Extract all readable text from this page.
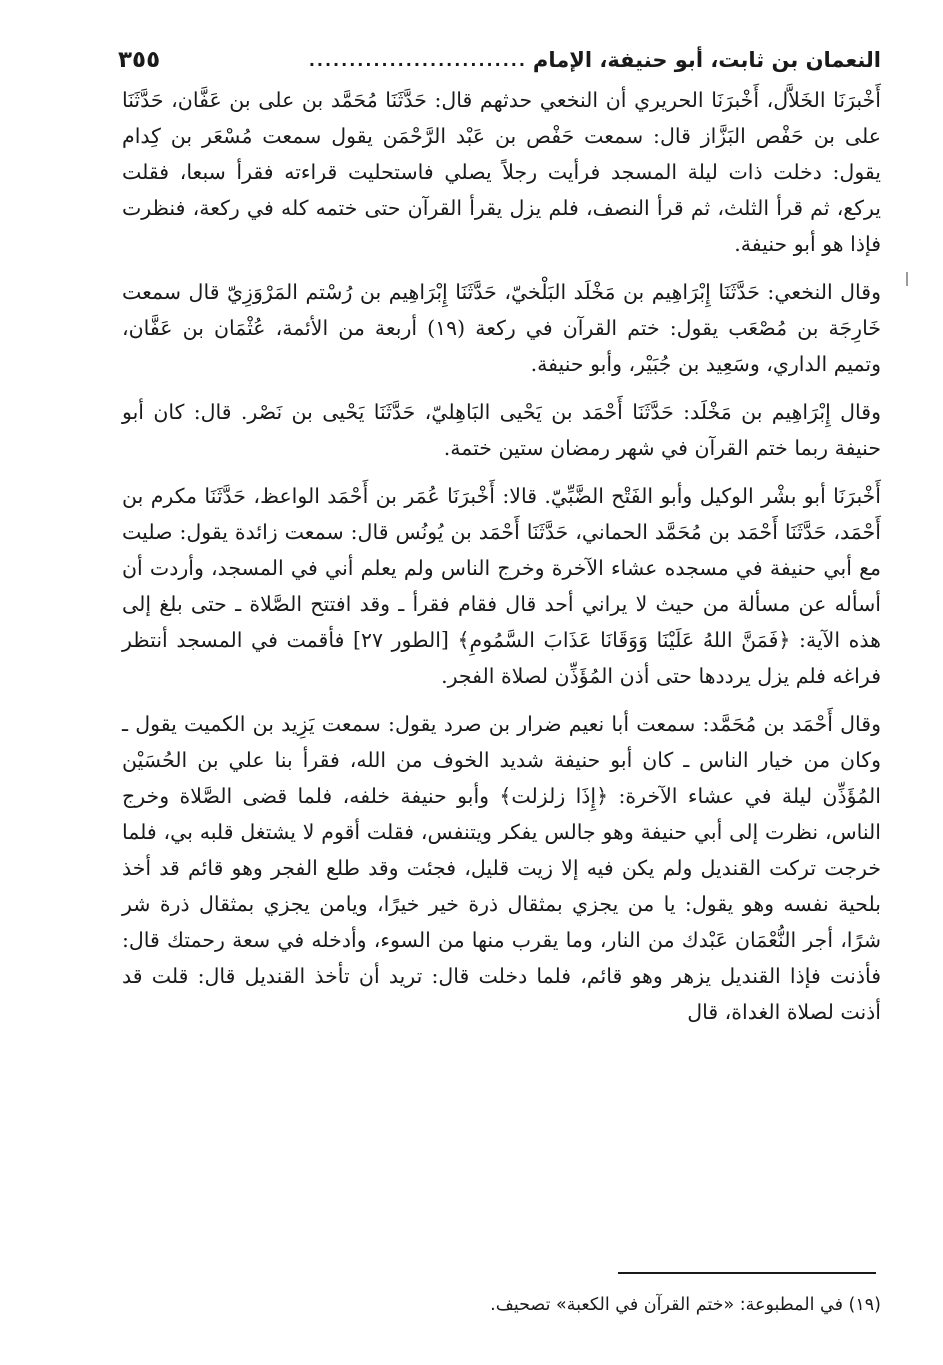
النعمان بن ثابت، أبو حنيفة، الإمام
...........................
٣٥٥

أَخْبرَنَا الخَلاَّل، أَخْبرَنَا الحريري أن النخعي حدثهم قال: حَدَّثَنَا مُحَمَّد بن على بن عَفَّان، حَدَّثَنَا على بن حَفْص البَزَّاز قال: سمعت حَفْص بن عَبْد الرَّحْمَن يقول سمعت مُسْعَر بن كِدام يقول: دخلت ذات ليلة المسجد فرأيت رجلاً يصلي فاستحليت قراءته فقرأ سبعا، فقلت يركع، ثم قرأ الثلث، ثم قرأ النصف، فلم يزل يقرأ القرآن حتى ختمه كله في ركعة، فنظرت فإذا هو أبو حنيفة.

وقال النخعي: حَدَّثَنَا إِبْرَاهِيم بن مَخْلَد البَلْخيّ، حَدَّثَنَا إِبْرَاهِيم بن رُسْتم المَرْوَزِيّ قال سمعت خَارِجَة بن مُصْعَب يقول: ختم القرآن في ركعة (١٩) أربعة من الأئمة، عُثْمَان بن عَفَّان، وتميم الداري، وسَعِيد بن جُبَيْر، وأبو حنيفة.

وقال إِبْرَاهِيم بن مَخْلَد: حَدَّثَنَا أَحْمَد بن يَحْيى البَاهِليّ، حَدَّثَنَا يَحْيى بن نَصْر. قال: كان أبو حنيفة ربما ختم القرآن في شهر رمضان ستين ختمة.

أَخْبرَنَا أبو بشْر الوكيل وأبو الفَتْح الضَّبِّيّ. قالا: أَخْبرَنَا عُمَر بن أَحْمَد الواعظ، حَدَّثَنَا مكرم بن أَحْمَد، حَدَّثَنَا أَحْمَد بن مُحَمَّد الحماني، حَدَّثَنَا أَحْمَد بن يُونُس قال: سمعت زائدة يقول: صليت مع أبي حنيفة في مسجده عشاء الآخرة وخرج الناس ولم يعلم أني في المسجد، وأردت أن أسأله عن مسألة من حيث لا يراني أحد قال فقام فقرأ ـ وقد افتتح الصَّلاة ـ حتى بلغ إلى هذه الآية: ﴿فَمَنَّ اللهُ عَلَيْنَا وَوَقَانَا عَذَابَ السَّمُومِ﴾ [الطور ٢٧] فأقمت في المسجد أنتظر فراغه فلم يزل يرددها حتى أذن المُؤَذِّن لصلاة الفجر.

وقال أَحْمَد بن مُحَمَّد: سمعت أبا نعيم ضرار بن صرد يقول: سمعت يَزِيد بن الكميت يقول ـ وكان من خيار الناس ـ كان أبو حنيفة شديد الخوف من الله، فقرأ بنا علي بن الحُسَيْن المُؤَذِّن ليلة في عشاء الآخرة: ﴿إِذَا زلزلت﴾ وأبو حنيفة خلفه، فلما قضى الصَّلاة وخرج الناس، نظرت إلى أبي حنيفة وهو جالس يفكر ويتنفس، فقلت أقوم لا يشتغل قلبه بي، فلما خرجت تركت القنديل ولم يكن فيه إلا زيت قليل، فجئت وقد طلع الفجر وهو قائم قد أخذ بلحية نفسه وهو يقول: يا من يجزي بمثقال ذرة خير خيرًا، ويامن يجزي بمثقال ذرة شر شرًا، أجر النُّعْمَان عَبْدك من النار، وما يقرب منها من السوء، وأدخله في سعة رحمتك قال: فأذنت فإذا القنديل يزهر وهو قائم، فلما دخلت قال: تريد أن تأخذ القنديل قال: قلت قد أذنت لصلاة الغداة، قال

(١٩) في المطبوعة: «ختم القرآن في الكعبة» تصحيف.
